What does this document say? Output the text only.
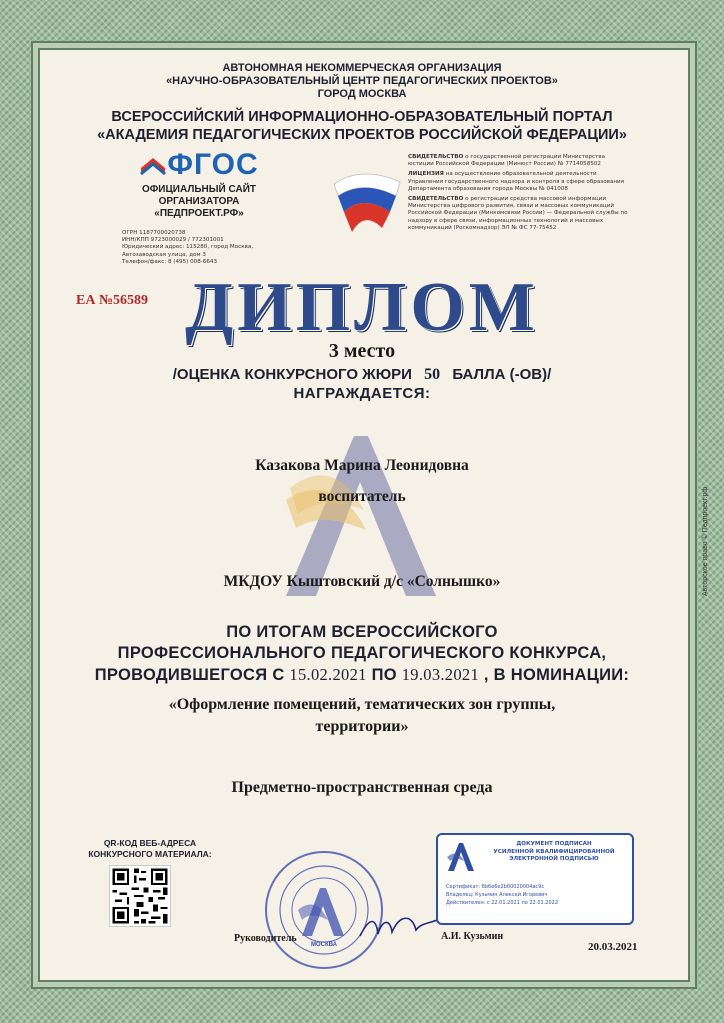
АВТОНОМНАЯ НЕКОММЕРЧЕСКАЯ ОРГАНИЗАЦИЯ
«НАУЧНО-ОБРАЗОВАТЕЛЬНЫЙ ЦЕНТР ПЕДАГОГИЧЕСКИХ ПРОЕКТОВ»
ГОРОД МОСКВА
ВСЕРОССИЙСКИЙ ИНФОРМАЦИОННО-ОБРАЗОВАТЕЛЬНЫЙ ПОРТАЛ
«АКАДЕМИЯ ПЕДАГОГИЧЕСКИХ ПРОЕКТОВ РОССИЙСКОЙ ФЕДЕРАЦИИ»
ФГОС
ОФИЦИАЛЬНЫЙ САЙТ
ОРГАНИЗАТОРА
«ПЕДПРОЕКТ.РФ»
ОГРН 1187700020738
ИНН/КПП 9723000029 / 772301001
Юридический адрес: 115280, город Москва,
Автозаводская улица, дом 3
Телефон/факс: 8 (495) 008-6643
СВИДЕТЕЛЬСТВО о государственной регистрации Министерства юстиции Российской Федерации (Минюст России) № 7714058502
ЛИЦЕНЗИЯ на осуществление образовательной деятельности Управления государственного надзора и контроля в сфере образования Департамента образования города Москвы № 041008
СВИДЕТЕЛЬСТВО о регистрации средства массовой информации Министерства цифрового развития, связи и массовых коммуникаций Российской Федерации (Минкомсвязи России) — Федеральной службы по надзору в сфере связи, информационных технологий и массовых коммуникаций (Роскомнадзор) ЭЛ № ФС 77-75452
ЕА №56589 ДИПЛОМ
3 место
/ОЦЕНКА КОНКУРСНОГО ЖЮРИ 50 БАЛЛА (-ОВ)/
НАГРАЖДАЕТСЯ:
Казакова Марина Леонидовна
воспитатель
МКДОУ Кыштовский д/с «Солнышко»
ПО ИТОГАМ ВСЕРОССИЙСКОГО
ПРОФЕССИОНАЛЬНОГО ПЕДАГОГИЧЕСКОГО КОНКУРСА,
ПРОВОДИВШЕГОСЯ С 15.02.2021 ПО 19.03.2021 , В НОМИНАЦИИ:
«Оформление помещений, тематических зон группы,
территории»
Предметно-пространственная среда
QR-КОД ВЕБ-АДРЕСА
КОНКУРСНОГО МАТЕРИАЛА:
МОСКВА
Руководитель	А.И. Кузьмин
ДОКУМЕНТ ПОДПИСАН
УСИЛЕННОЙ КВАЛИФИЦИРОВАННОЙ
ЭЛЕКТРОННОЙ ПОДПИСЬЮ
Сертификат: 6b6e6e2b00020004ac9c
Владелец: Кузьмин Алексей Игоревич
Действителен: с 22.01.2021 по 22.01.2022
20.03.2021
Авторское право © Педпроект.рф
